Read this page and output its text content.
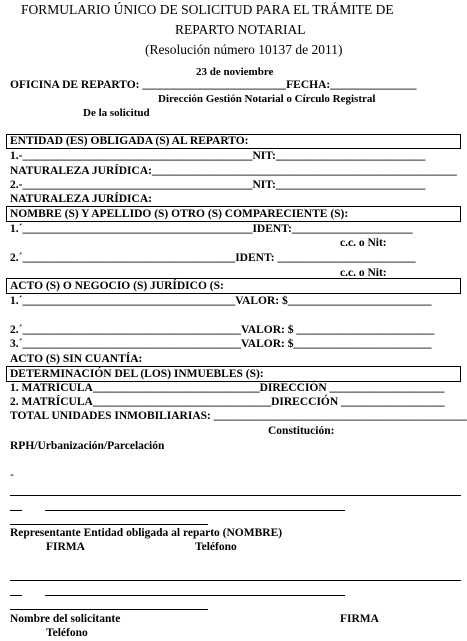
FORMULARIO ÚNICO DE SOLICITUD PARA EL TRÁMITE DE
REPARTO NOTARIAL
(Resolución número 10137 de 2011)
23 de noviembre
OFICINA DE REPARTO: _________________________FECHA:_______________
Dirección Gestión Notarial o Círculo Registral
De la solicitud
ENTIDAD (ES) OBLIGADA (S) AL REPARTO:
1.-________________________________________NIT:__________________________
NATURALEZA JURÍDICA:_____________________________________________________
2.-________________________________________NIT:__________________________
NATURALEZA JURÍDICA:
NOMBRE (S) Y APELLIDO (S) OTRO (S) COMPARECIENTE (S):
1.´________________________________________IDENT:_____________________
c.c. o Nit:
2.´_____________________________________IDENT: ________________________
c.c. o Nit:
ACTO (S) O NEGOCIO (S) JURÍDICO (S:
1.´_____________________________________VALOR: $_________________________
2.´______________________________________VALOR: $ ________________________
3.´______________________________________VALOR: $________________________
ACTO (S) SIN CUANTÍA:
DETERMINACIÓN DEL (LOS) INMUEBLES (S):
1. MATRÍCULA_____________________________DIRECCIÓN ____________________
2. MATRÍCULA_______________________________DIRECCIÓN __________________
TOTAL UNIDADES INMOBILIARIAS: ____________________________________________
Constitución:
RPH/Urbanización/Parcelación
-
Representante Entidad obligada al reparto (NOMBRE)
FIRMA	Teléfono
Nombre del solicitante	FIRMA
Teléfono
